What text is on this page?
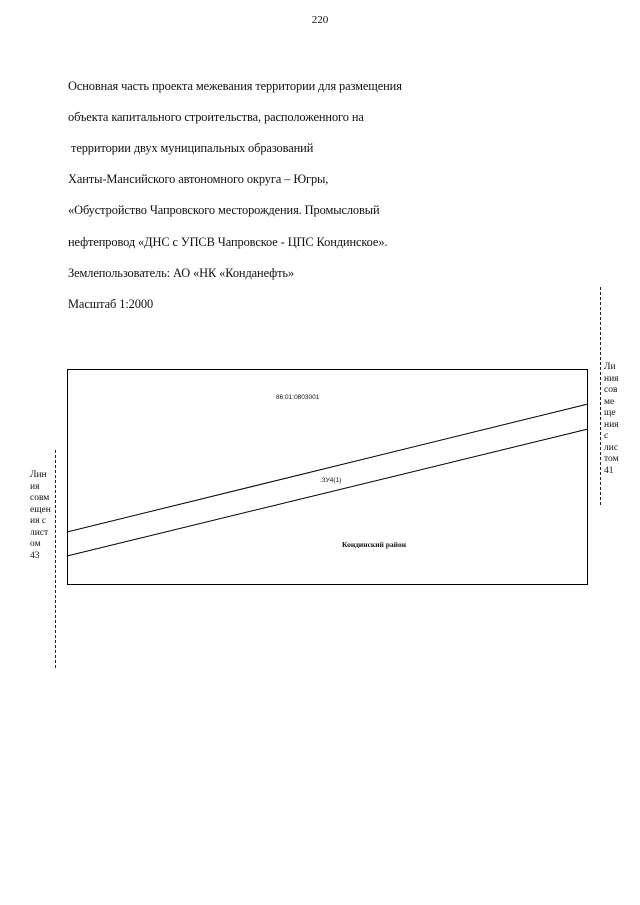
220

Основная часть проекта межевания территории для размещения

объекта капитального строительства, расположенного на

территории двух муниципальных образований

Ханты-Мансийского автономного округа – Югры,

«Обустройство Чапровского месторождения. Промысловый

нефтепровод «ДНС с УПСВ Чапровское - ЦПС Кондинское».

Землепользователь: АО «НК «Конданефть»

Масштаб 1:2000

86:01:0803001
:ЗУ4(1)
Кондинский район
Лин
ия
совм
ещен
ия с
лист
ом
43
Ли
ния
сов
ме
ще
ния
с
лис
том
41
